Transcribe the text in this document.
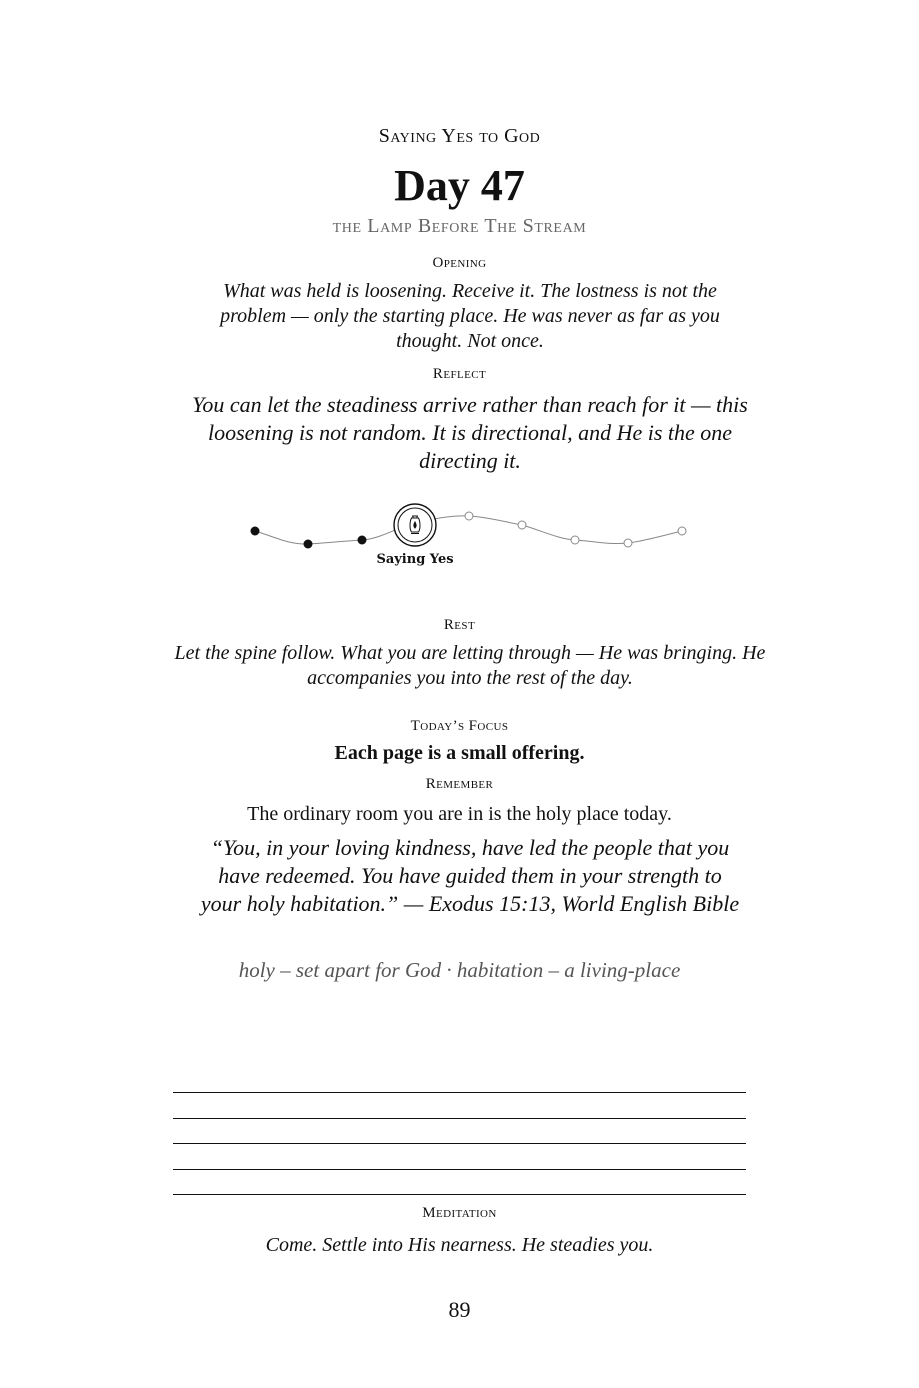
Saying Yes to God
Day 47
the Lamp Before The Stream
Opening
What was held is loosening. Receive it. The lostness is not the problem — only the starting place. He was never as far as you thought. Not once.
Reflect
You can let the steadiness arrive rather than reach for it — this loosening is not random. It is directional, and He is the one directing it.
Saying Yes
Rest
Let the spine follow. What you are letting through — He was bringing. He accompanies you into the rest of the day.
Today’s Focus
Each page is a small offering.
Remember
The ordinary room you are in is the holy place today.
“You, in your loving kindness, have led the people that you have redeemed. You have guided them in your strength to your holy habitation.” — Exodus 15:13, World English Bible
holy – set apart for God · habitation – a living-place
Meditation
Come. Settle into His nearness. He steadies you.
89
